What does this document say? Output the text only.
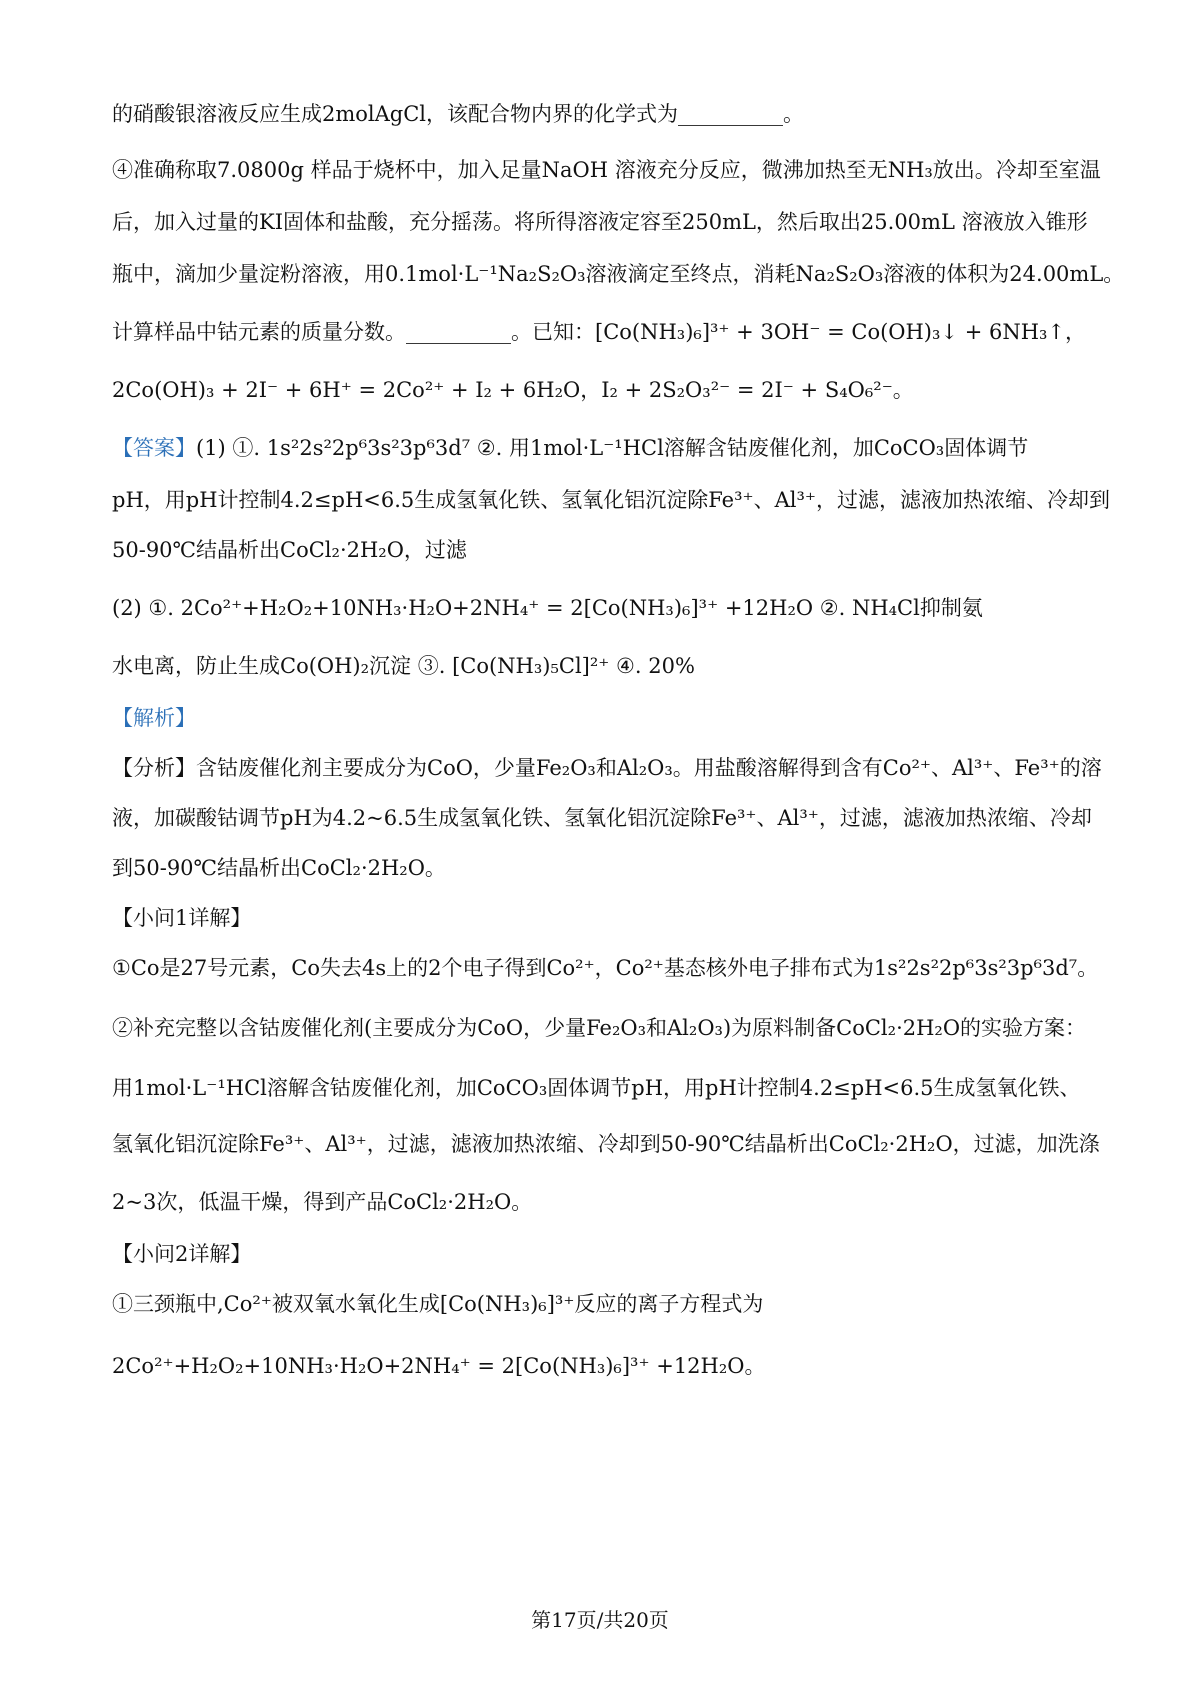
的硝酸银溶液反应生成2molAgCl，该配合物内界的化学式为__________。
④准确称取7.0800g 样品于烧杯中，加入足量NaOH 溶液充分反应，微沸加热至无NH₃放出。冷却至室温
后，加入过量的KI固体和盐酸，充分摇荡。将所得溶液定容至250mL，然后取出25.00mL 溶液放入锥形
瓶中，滴加少量淀粉溶液，用0.1mol·L⁻¹Na₂S₂O₃溶液滴定至终点，消耗Na₂S₂O₃溶液的体积为24.00mL。
计算样品中钴元素的质量分数。__________。已知：[Co(NH₃)₆]³⁺ + 3OH⁻ = Co(OH)₃↓ + 6NH₃↑，
2Co(OH)₃ + 2I⁻ + 6H⁺ = 2Co²⁺ + I₂ + 6H₂O，I₂ + 2S₂O₃²⁻ = 2I⁻ + S₄O₆²⁻。
【答案】(1) ①. 1s²2s²2p⁶3s²3p⁶3d⁷ ②. 用1mol·L⁻¹HCl溶解含钴废催化剂，加CoCO₃固体调节
pH，用pH计控制4.2≤pH<6.5生成氢氧化铁、氢氧化铝沉淀除Fe³⁺、Al³⁺，过滤，滤液加热浓缩、冷却到
50-90℃结晶析出CoCl₂·2H₂O，过滤
(2) ①. 2Co²⁺+H₂O₂+10NH₃·H₂O+2NH₄⁺ = 2[Co(NH₃)₆]³⁺ +12H₂O ②. NH₄Cl抑制氨
水电离，防止生成Co(OH)₂沉淀 ③. [Co(NH₃)₅Cl]²⁺ ④. 20%
【解析】
【分析】含钴废催化剂主要成分为CoO，少量Fe₂O₃和Al₂O₃。用盐酸溶解得到含有Co²⁺、Al³⁺、Fe³⁺的溶
液，加碳酸钴调节pH为4.2~6.5生成氢氧化铁、氢氧化铝沉淀除Fe³⁺、Al³⁺，过滤，滤液加热浓缩、冷却
到50-90℃结晶析出CoCl₂·2H₂O。
【小问1详解】
①Co是27号元素，Co失去4s上的2个电子得到Co²⁺，Co²⁺基态核外电子排布式为1s²2s²2p⁶3s²3p⁶3d⁷。
②补充完整以含钴废催化剂(主要成分为CoO，少量Fe₂O₃和Al₂O₃)为原料制备CoCl₂·2H₂O的实验方案：
用1mol·L⁻¹HCl溶解含钴废催化剂，加CoCO₃固体调节pH，用pH计控制4.2≤pH<6.5生成氢氧化铁、
氢氧化铝沉淀除Fe³⁺、Al³⁺，过滤，滤液加热浓缩、冷却到50-90℃结晶析出CoCl₂·2H₂O，过滤，加洗涤
2~3次，低温干燥，得到产品CoCl₂·2H₂O。
【小问2详解】
①三颈瓶中,Co²⁺被双氧水氧化生成[Co(NH₃)₆]³⁺反应的离子方程式为
2Co²⁺+H₂O₂+10NH₃·H₂O+2NH₄⁺ = 2[Co(NH₃)₆]³⁺ +12H₂O。
第17页/共20页
